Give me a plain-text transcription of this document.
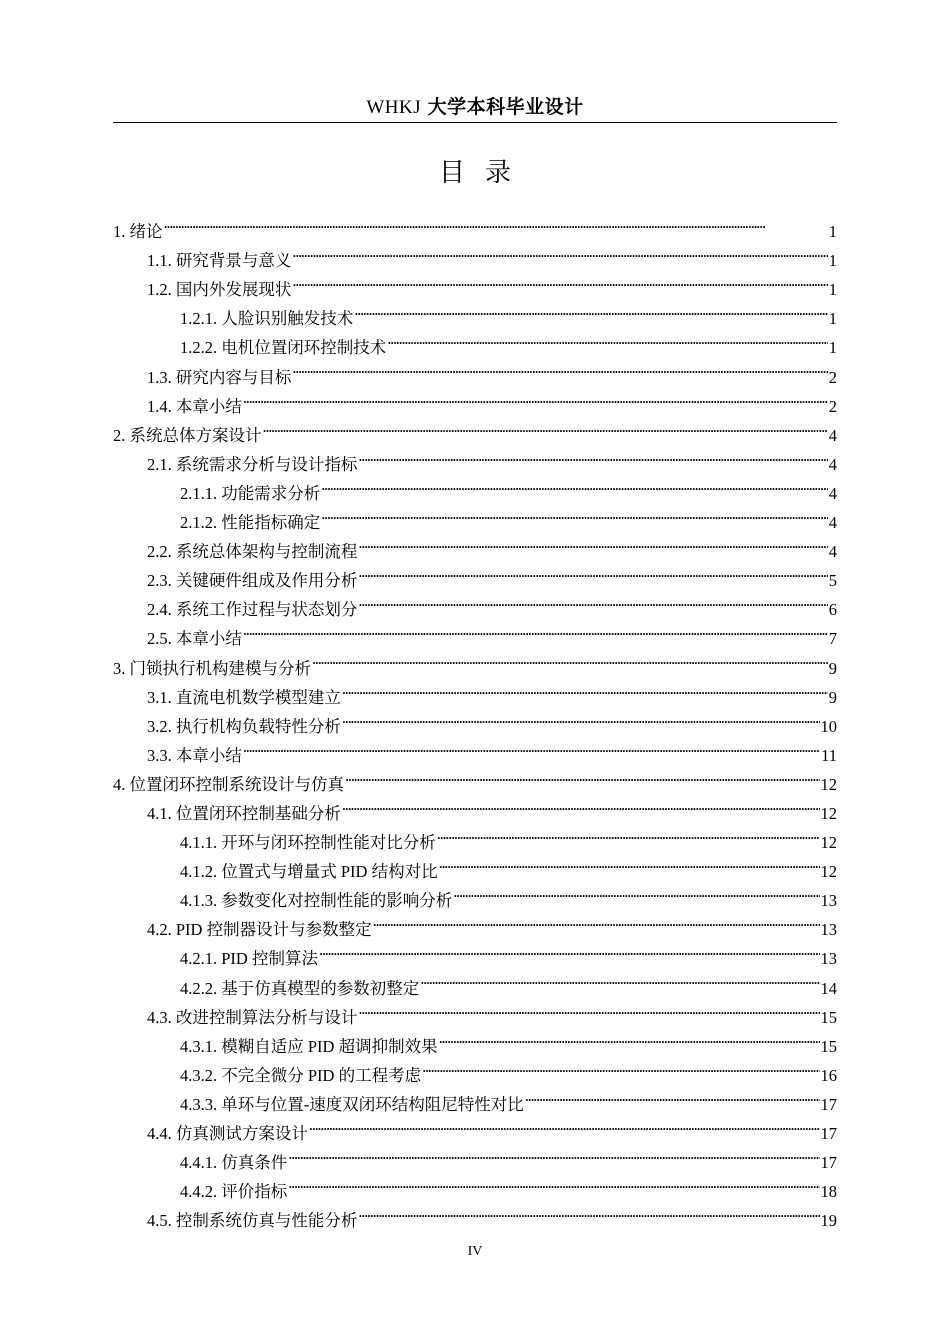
WHKJ 大学本科毕业设计
目录
1. 绪论 . . .	1
1.1. 研究背景与意义 . . .	1
1.2. 国内外发展现状 . . .	1
1.2.1. 人脸识别触发技术 . . .	1
1.2.2. 电机位置闭环控制技术 . . .	1
1.3. 研究内容与目标 . . .	2
1.4. 本章小结 . . .	2
2. 系统总体方案设计 . . .	4
2.1. 系统需求分析与设计指标 . . .	4
2.1.1. 功能需求分析 . . .	4
2.1.2. 性能指标确定 . . .	4
2.2. 系统总体架构与控制流程 . . .	4
2.3. 关键硬件组成及作用分析 . . .	5
2.4. 系统工作过程与状态划分 . . .	6
2.5. 本章小结 . . .	7
3. 门锁执行机构建模与分析 . . .	9
3.1. 直流电机数学模型建立 . . .	9
3.2. 执行机构负载特性分析 . . .	10
3.3. 本章小结 . . .	11
4. 位置闭环控制系统设计与仿真 . . .	12
4.1. 位置闭环控制基础分析 . . .	12
4.1.1. 开环与闭环控制性能对比分析 . . .	12
4.1.2. 位置式与增量式 PID 结构对比 . . .	12
4.1.3. 参数变化对控制性能的影响分析 . . .	13
4.2. PID 控制器设计与参数整定 . . .	13
4.2.1. PID 控制算法 . . .	13
4.2.2. 基于仿真模型的参数初整定 . . .	14
4.3. 改进控制算法分析与设计 . . .	15
4.3.1. 模糊自适应 PID 超调抑制效果 . . .	15
4.3.2. 不完全微分 PID 的工程考虑 . . .	16
4.3.3. 单环与位置-速度双闭环结构阻尼特性对比 . . .	17
4.4. 仿真测试方案设计 . . .	17
4.4.1. 仿真条件 . . .	17
4.4.2. 评价指标 . . .	18
4.5. 控制系统仿真与性能分析 . . .	19
IV
